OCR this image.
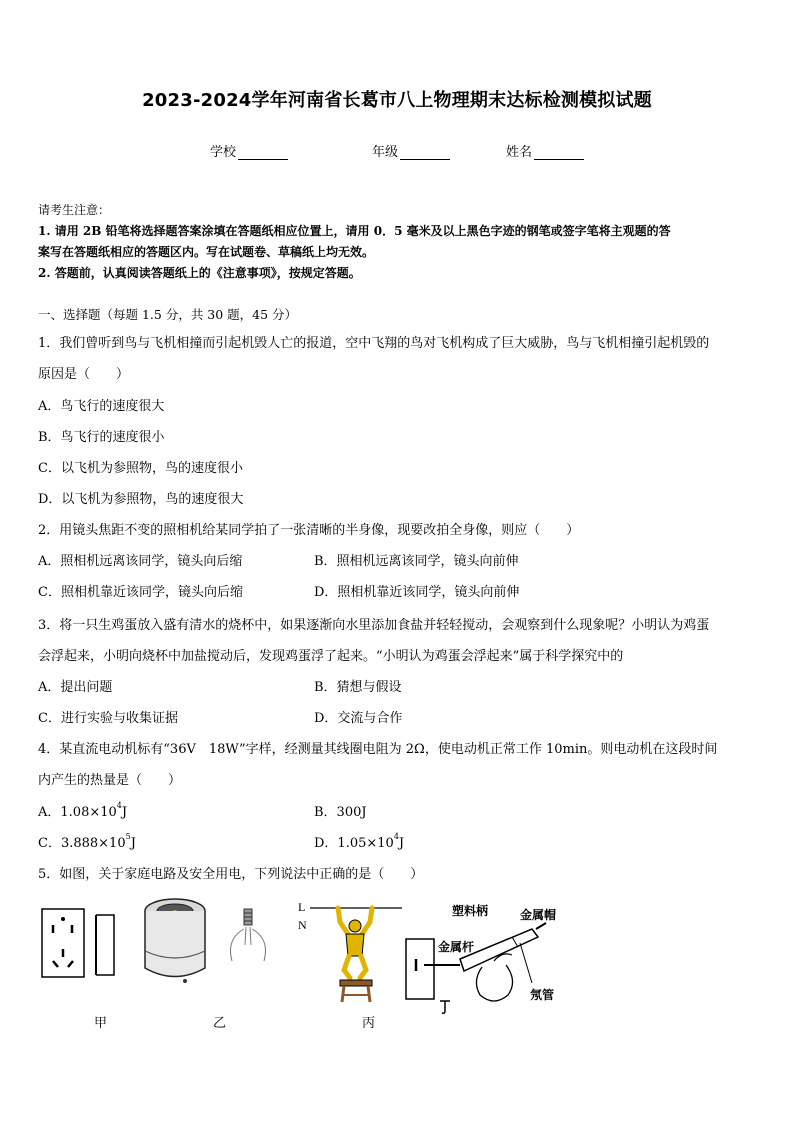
2023-2024学年河南省长葛市八上物理期末达标检测模拟试题
学校	年级	姓名
请考生注意：
1. 请用 2B 铅笔将选择题答案涂填在答题纸相应位置上，请用 0．5 毫米及以上黑色字迹的钢笔或签字笔将主观题的答
案写在答题纸相应的答题区内。写在试题卷、草稿纸上均无效。
2. 答题前，认真阅读答题纸上的《注意事项》，按规定答题。
一、选择题（每题 1.5 分，共 30 题，45 分）
1．我们曾听到鸟与飞机相撞而引起机毁人亡的报道，空中飞翔的鸟对飞机构成了巨大威胁，鸟与飞机相撞引起机毁的
原因是（　　）
A．鸟飞行的速度很大
B．鸟飞行的速度很小
C．以飞机为参照物，鸟的速度很小
D．以飞机为参照物，鸟的速度很大
2．用镜头焦距不变的照相机给某同学拍了一张清晰的半身像，现要改拍全身像，则应（　　）
A．照相机远离该同学，镜头向后缩	B．照相机远离该同学，镜头向前伸
C．照相机靠近该同学，镜头向后缩	D．照相机靠近该同学，镜头向前伸
3．将一只生鸡蛋放入盛有清水的烧杯中，如果逐渐向水里添加食盐并轻轻搅动，会观察到什么现象呢？小明认为鸡蛋
会浮起来，小明向烧杯中加盐搅动后，发现鸡蛋浮了起来。“小明认为鸡蛋会浮起来”属于科学探究中的
A．提出问题	B．猜想与假设
C．进行实验与收集证据	D．交流与合作
4．某直流电动机标有“36V　18W”字样，经测量其线圈电阻为 2Ω，使电动机正常工作 10min。则电动机在这段时间
内产生的热量是（　　）
A．$1.08\times 10^4J$	B．300J
C．$3.888\times 10^5J$	D．$1.05\times 10^4J$
5．如图，关于家庭电路及安全用电，下列说法中正确的是（　　）
L
N
塑料柄	金属帽
金属杆
氖管
甲	乙	丙
